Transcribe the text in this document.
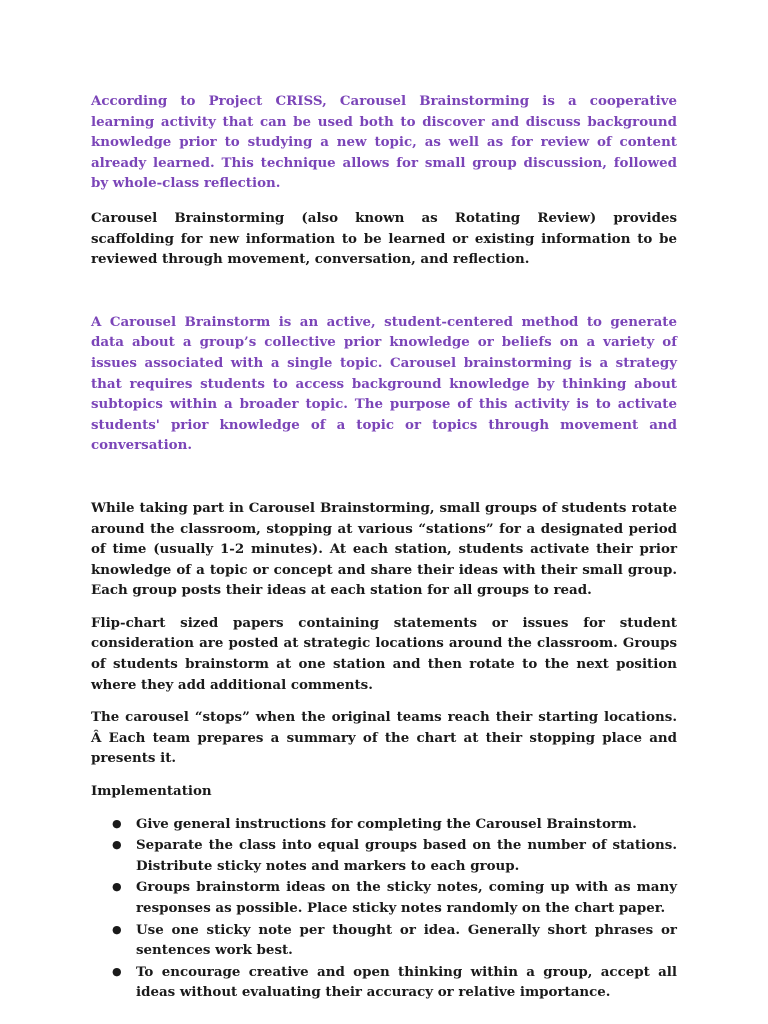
According to Project CRISS, Carousel Brainstorming is a cooperative learning activity that can be used both to discover and discuss background knowledge prior to studying a new topic, as well as for review of content already learned. This technique allows for small group discussion, followed by whole-class reflection.

Carousel Brainstorming (also known as Rotating Review) provides scaffolding for new information to be learned or existing information to be reviewed through movement, conversation, and reflection.

A Carousel Brainstorm is an active, student-centered method to generate data about a group’s collective prior knowledge or beliefs on a variety of issues associated with a single topic. Carousel brainstorming is a strategy that requires students to access background knowledge by thinking about subtopics within a broader topic. The purpose of this activity is to activate students' prior knowledge of a topic or topics through movement and conversation.

While taking part in Carousel Brainstorming, small groups of students rotate around the classroom, stopping at various “stations” for a designated period of time (usually 1-2 minutes). At each station, students activate their prior knowledge of a topic or concept and share their ideas with their small group. Each group posts their ideas at each station for all groups to read.

Flip-chart sized papers containing statements or issues for student consideration are posted at strategic locations around the classroom. Groups of students brainstorm at one station and then rotate to the next position where they add additional comments.

The carousel “stops” when the original teams reach their starting locations. Â Each team prepares a summary of the chart at their stopping place and presents it.

Implementation

● Give general instructions for completing the Carousel Brainstorm.
● Separate the class into equal groups based on the number of stations. Distribute sticky notes and markers to each group.
● Groups brainstorm ideas on the sticky notes, coming up with as many responses as possible. Place sticky notes randomly on the chart paper.
● Use one sticky note per thought or idea. Generally short phrases or sentences work best.
● To encourage creative and open thinking within a group, accept all ideas without evaluating their accuracy or relative importance.
